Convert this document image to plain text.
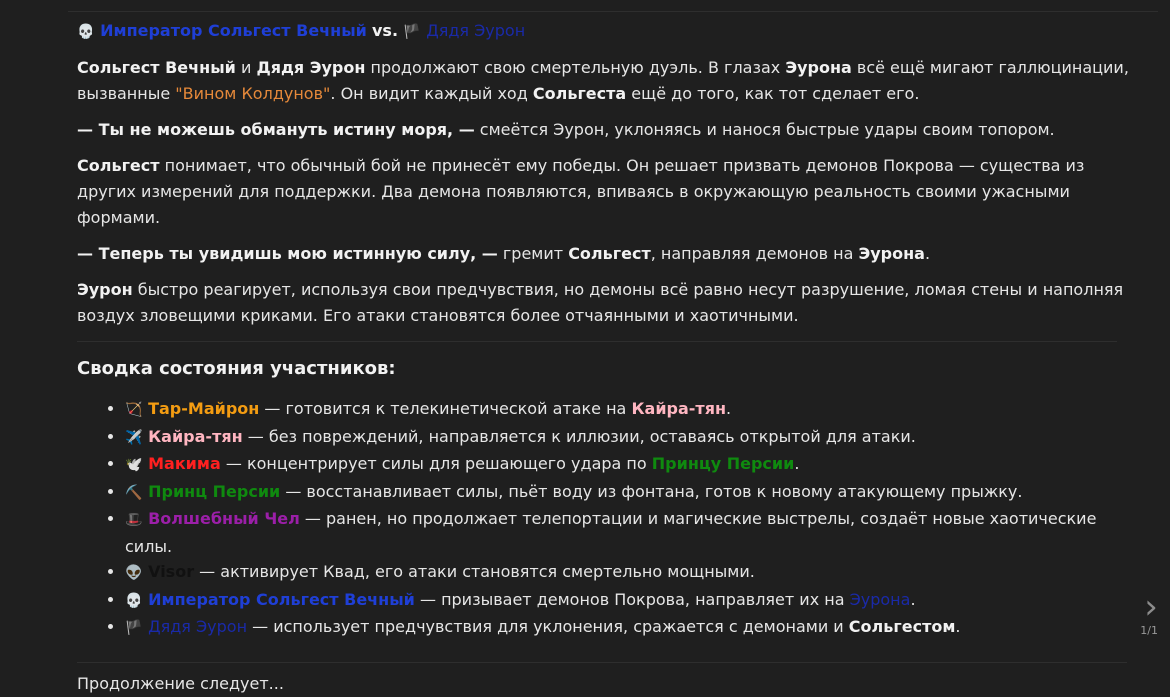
💀 Император Сольгест Вечный vs. 🏴 Дядя Эурон

Сольгест Вечный и Дядя Эурон продолжают свою смертельную дуэль. В глазах Эурона всё ещё мигают галлюцинации, вызванные "Вином Колдунов". Он видит каждый ход Сольгеста ещё до того, как тот сделает его.

— Ты не можешь обмануть истину моря, — смеётся Эурон, уклоняясь и нанося быстрые удары своим топором.

Сольгест понимает, что обычный бой не принесёт ему победы. Он решает призвать демонов Покрова — существа из других измерений для поддержки. Два демона появляются, впиваясь в окружающую реальность своими ужасными формами.

— Теперь ты увидишь мою истинную силу, — гремит Сольгест, направляя демонов на Эурона.

Эурон быстро реагирует, используя свои предчувствия, но демоны всё равно несут разрушение, ломая стены и наполняя воздух зловещими криками. Его атаки становятся более отчаянными и хаотичными.

Сводка состояния участников:
• 🏹 Тар-Майрон — готовится к телекинетической атаке на Кайра-тян.
• ✈️ Кайра-тян — без повреждений, направляется к иллюзии, оставаясь открытой для атаки.
• 🕊️ Макима — концентрирует силы для решающего удара по Принцу Персии.
• ⛏️ Принц Персии — восстанавливает силы, пьёт воду из фонтана, готов к новому атакующему прыжку.
• 🎩 Волшебный Чел — ранен, но продолжает телепортации и магические выстрелы, создаёт новые хаотические силы.
• 👽 Visor — активирует Квад, его атаки становятся смертельно мощными.
• 💀 Император Сольгест Вечный — призывает демонов Покрова, направляет их на Эурона.
• 🏴 Дядя Эурон — использует предчувствия для уклонения, сражается с демонами и Сольгестом.
Продолжение следует...
›
1/1
